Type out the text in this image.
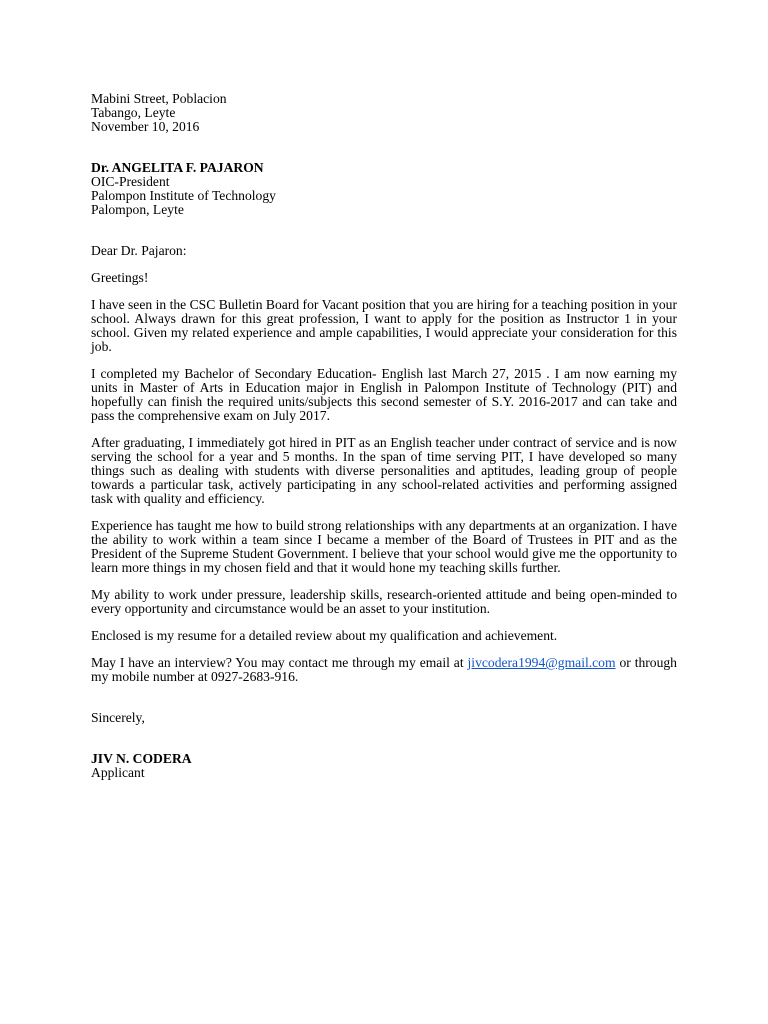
Mabini Street, Poblacion
Tabango, Leyte
November 10, 2016
Dr. ANGELITA F. PAJARON
OIC-President
Palompon Institute of Technology
Palompon, Leyte
Dear Dr. Pajaron:
Greetings!

I have seen in the CSC Bulletin Board for Vacant position that you are hiring for a teaching position in your school. Always drawn for this great profession, I want to apply for the position as Instructor 1 in your school. Given my related experience and ample capabilities, I would appreciate your consideration for this job.

I completed my Bachelor of Secondary Education- English last March 27, 2015 . I am now earning my units in Master of Arts in Education major in English in Palompon Institute of Technology (PIT) and hopefully can finish the required units/subjects this second semester of S.Y. 2016-2017 and can take and pass the comprehensive exam on July 2017.

After graduating, I immediately got hired in PIT as an English teacher under contract of service and is now serving the school for a year and 5 months. In the span of time serving PIT, I have developed so many things such as dealing with students with diverse personalities and aptitudes, leading group of people towards a particular task, actively participating in any school-related activities and performing assigned task with quality and efficiency.

Experience has taught me how to build strong relationships with any departments at an organization. I have the ability to work within a team since I became a member of the Board of Trustees in PIT and as the President of the Supreme Student Government. I believe that your school would give me the opportunity to learn more things in my chosen field and that it would hone my teaching skills further.

My ability to work under pressure, leadership skills, research-oriented attitude and being open-minded to every opportunity and circumstance would be an asset to your institution.

Enclosed is my resume for a detailed review about my qualification and achievement.

May I have an interview? You may contact me through my email at jivcodera1994@gmail.com or through my mobile number at 0927-2683-916.

Sincerely,
JIV N. CODERA
Applicant
